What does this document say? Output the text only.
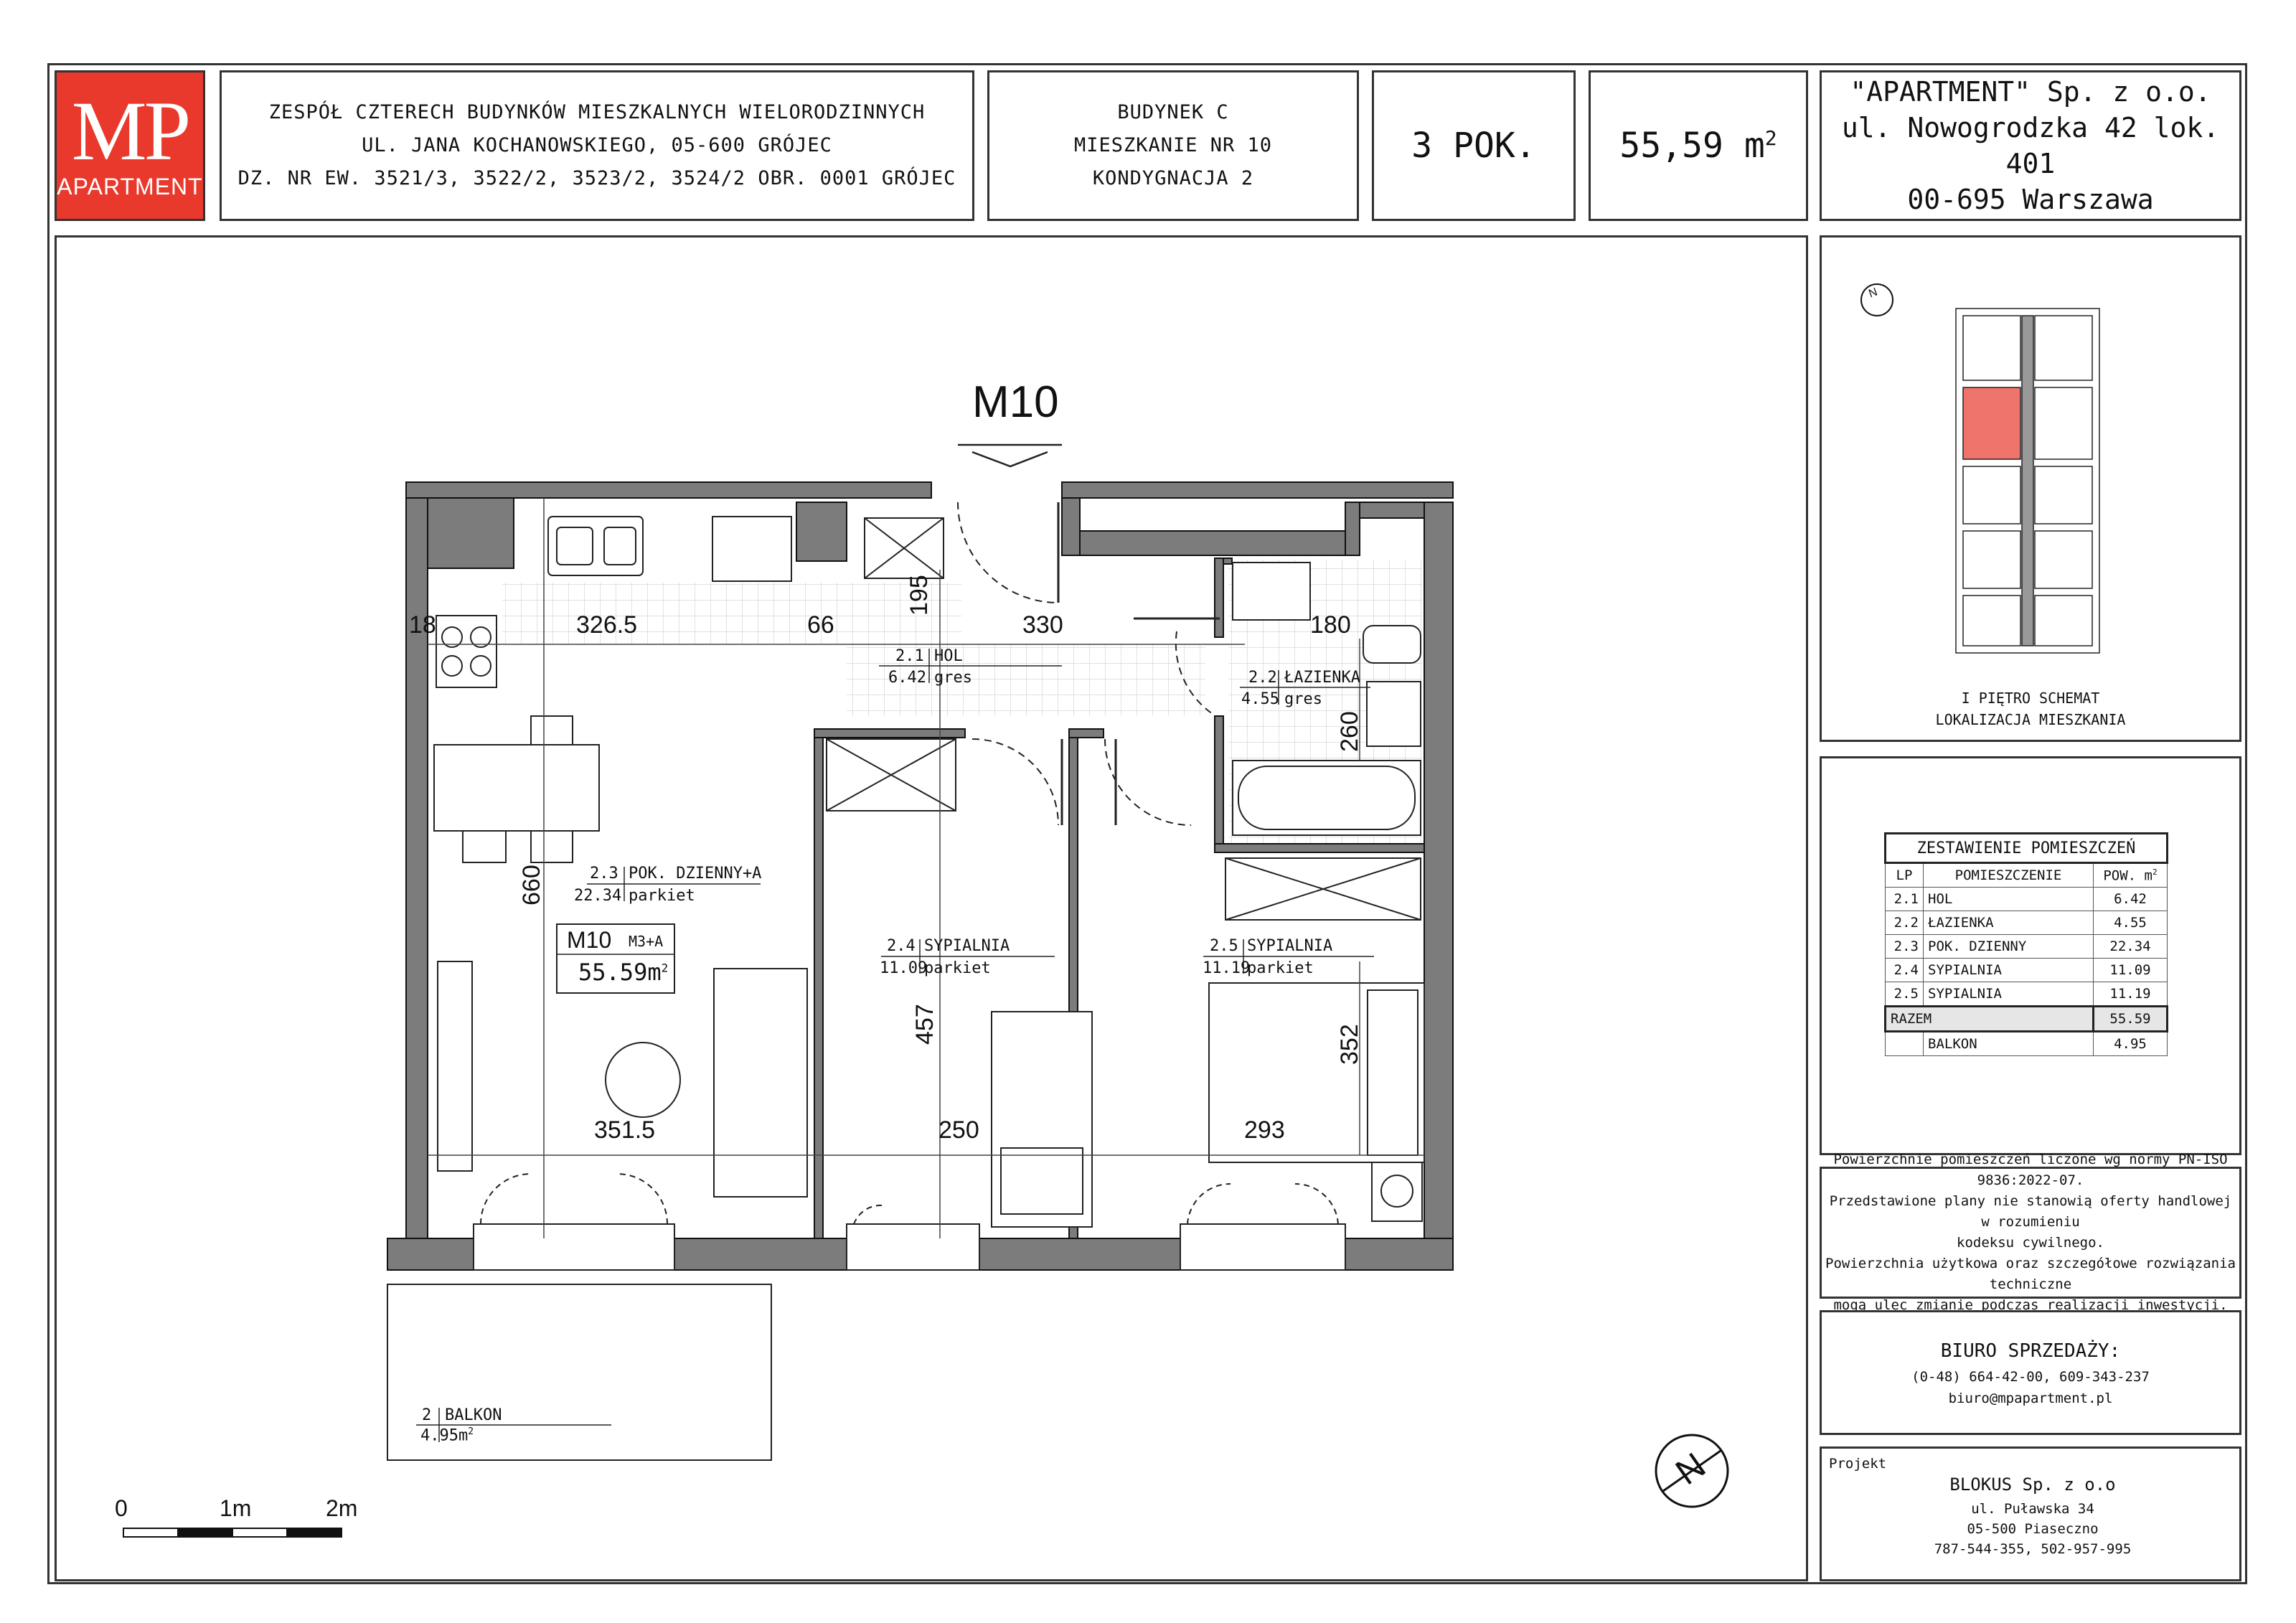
MP
APARTMENT
ZESPÓŁ CZTERECH BUDYNKÓW MIESZKALNYCH WIELORODZINNYCH
UL. JANA KOCHANOWSKIEGO, 05-600 GRÓJEC
DZ. NR EW. 3521/3, 3522/2, 3523/2, 3524/2 OBR. 0001 GRÓJEC
BUDYNEK C
MIESZKANIE NR 10
KONDYGNACJA 2
3 POK. 55,59 $m^2$
"APARTMENT" Sp. z o.o.
ul. Nowogrodzka 42 lok. 401
00-695 Warszawa
M10
2.1 HOL
6.42 gres	2.2 ŁAZIENKA
4.55 gres
2.3 POK. DZIENNY+A
22.34 parkiet
2.4 SYPIALNIA
11.09
parkiet
2.5 SYPIALNIA
11.19
parkiet
2 BALKON
$4.95m^2$
M10 M3+A
$55.59m^2$
18	326.5	66
195
330	180
260
660
457	352
351.5	250	293
0	1m	2m
N
N
I PIĘTRO SCHEMAT
LOKALIZACJA MIESZKANIA
ZESTAWIENIE POMIESZCZEŃ		
LP	POMIESZCZENIE	POW. $m^2$
2.1	HOL	6.42
2.2	ŁAZIENKA	4.55
2.3	POK. DZIENNY	22.34
2.4	SYPIALNIA	11.09
2.5	SYPIALNIA	11.19
RAZEM		55.59
	BALKON	4.95
Powierzchnie pomieszczeń liczone wg normy PN-ISO 9836:2022-07.
Przedstawione plany nie stanowią oferty handlowej w rozumieniu
kodeksu cywilnego.
Powierzchnia użytkowa oraz szczegółowe rozwiązania techniczne
mogą ulec zmianie podczas realizacji inwestycji.
BIURO SPRZEDAŻY:
(0-48) 664-42-00, 609-343-237
biuro@mpapartment.pl
Projekt
BLOKUS Sp. z o.o
ul. Puławska 34
05-500 Piaseczno
787-544-355, 502-957-995
